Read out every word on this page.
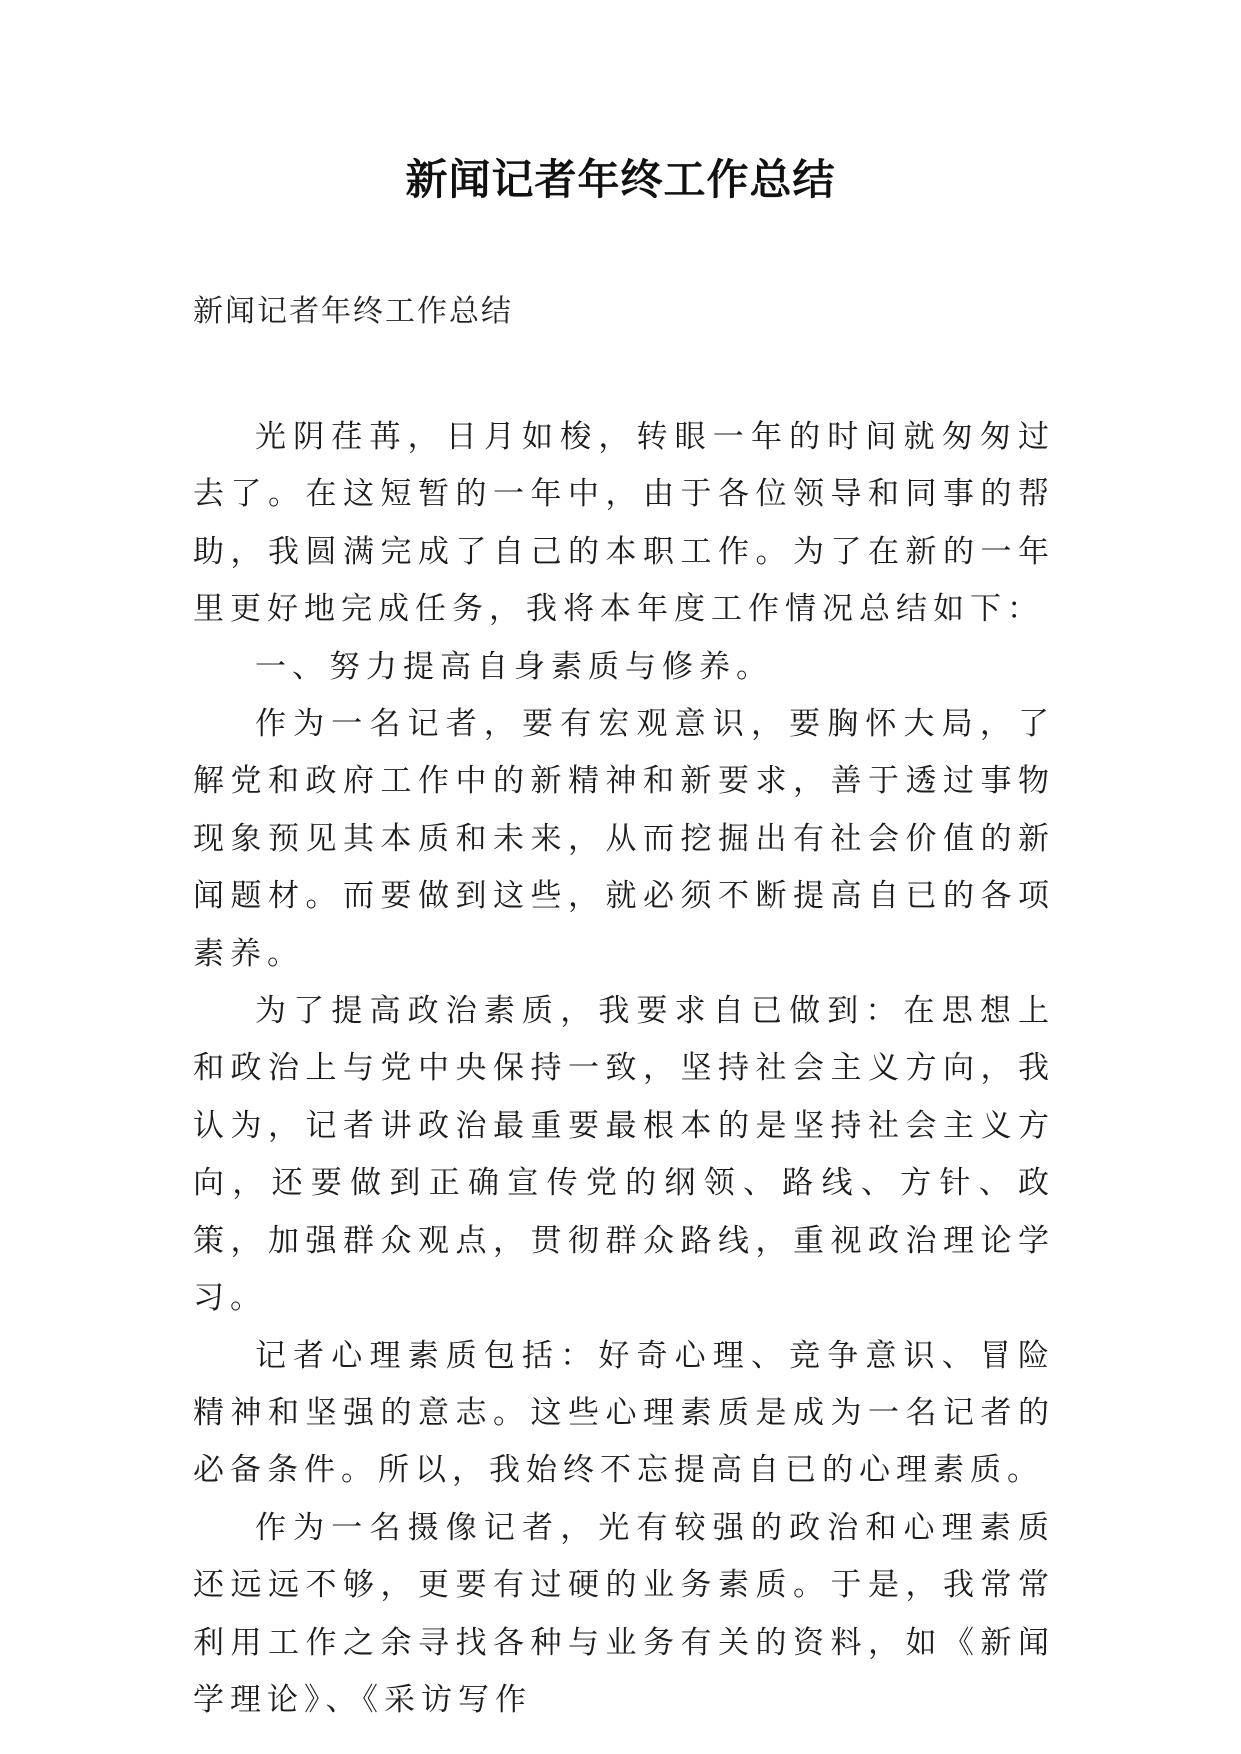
新闻记者年终工作总结
新闻记者年终工作总结

光阴荏苒，日月如梭，转眼一年的时间就匆匆过去了。在这短暂的一年中，由于各位领导和同事的帮助，我圆满完成了自己的本职工作。为了在新的一年里更好地完成任务，我将本年度工作情况总结如下：

一、努力提高自身素质与修养。

作为一名记者，要有宏观意识，要胸怀大局，了解党和政府工作中的新精神和新要求，善于透过事物现象预见其本质和未来，从而挖掘出有社会价值的新闻题材。而要做到这些，就必须不断提高自已的各项素养。

为了提高政治素质，我要求自已做到：在思想上和政治上与党中央保持一致，坚持社会主义方向，我认为，记者讲政治最重要最根本的是坚持社会主义方向，还要做到正确宣传党的纲领、路线、方针、政策，加强群众观点，贯彻群众路线，重视政治理论学习。

记者心理素质包括：好奇心理、竞争意识、冒险精神和坚强的意志。这些心理素质是成为一名记者的必备条件。所以，我始终不忘提高自已的心理素质。

作为一名摄像记者，光有较强的政治和心理素质还远远不够，更要有过硬的业务素质。于是，我常常利用工作之余寻找各种与业务有关的资料，如《新闻学理论》、《采访写作
